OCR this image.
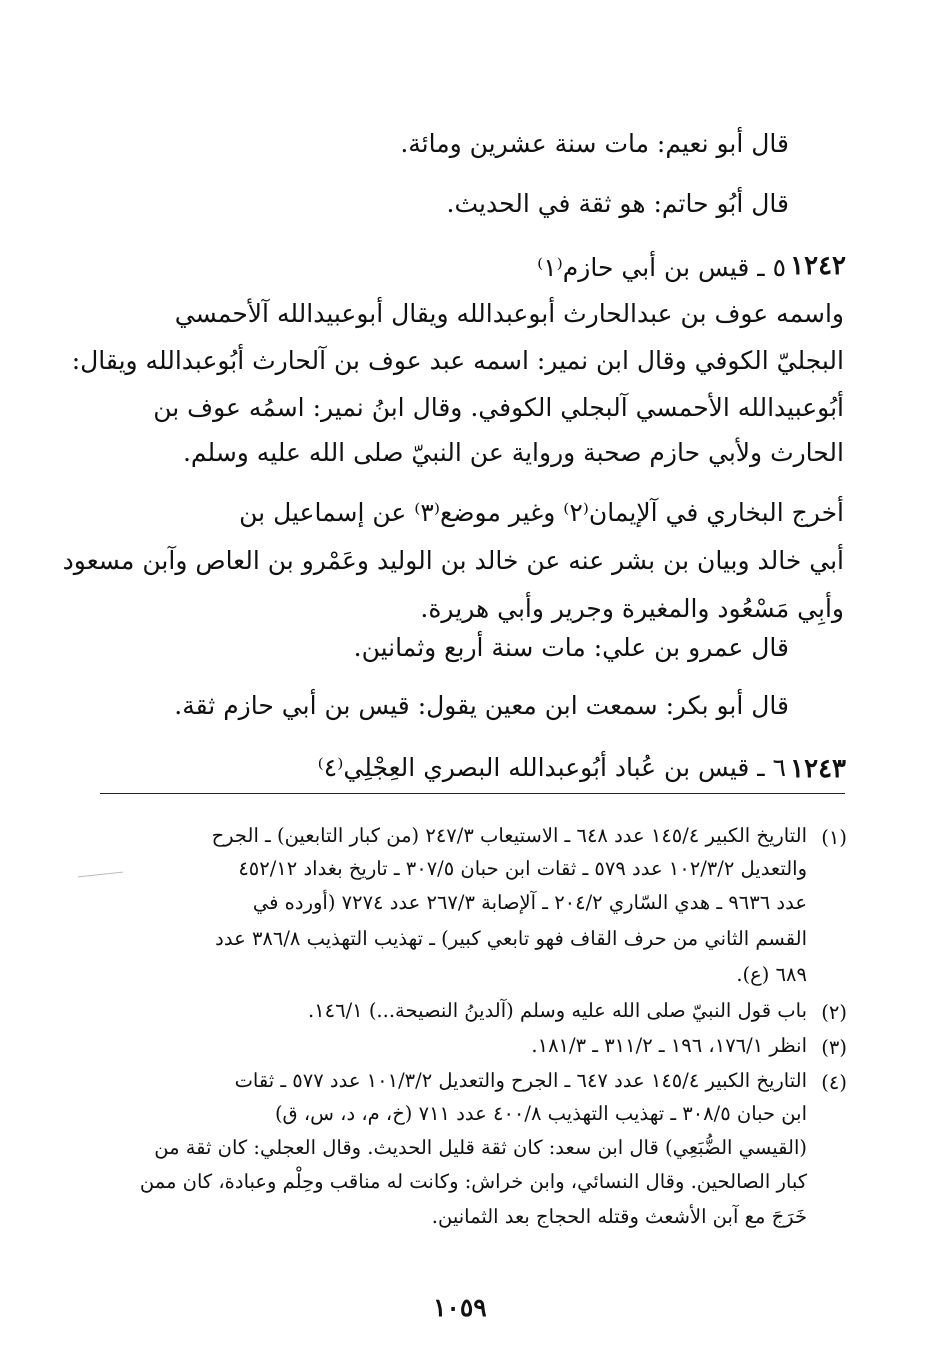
قال أبو نعيم: مات سنة عشرين ومائة.
قال أبُو حاتم: هو ثقة في الحديث.
١٢٤٢
٥ ـ قيس بن أبي حازم⁽١⁾
واسمه عوف بن عبدالحارث أبوعبدالله ويقال أبوعبيدالله آلأحمسي
البجليّ الكوفي وقال ابن نمير: اسمه عبد عوف بن آلحارث أبُوعبدالله ويقال:
أبُوعبيدالله الأحمسي آلبجلي الكوفي. وقال ابنُ نمير: اسمُه عوف بن
الحارث ولأبي حازم صحبة ورواية عن النبيّ صلى الله عليه وسلم.
أخرج البخاري في آلإيمان⁽٢⁾ وغير موضع⁽٣⁾ عن إسماعيل بن
أبي خالد وبيان بن بشر عنه عن خالد بن الوليد وعَمْرو بن العاص وآبن مسعود
وأبِي مَسْعُود والمغيرة وجرير وأبي هريرة.
قال عمرو بن علي: مات سنة أربع وثمانين.
قال أبو بكر: سمعت ابن معين يقول: قيس بن أبي حازم ثقة.
١٢٤٣
٦ ـ قيس بن عُباد أبُوعبدالله البصري العِجْلِي⁽٤⁾
(١)
التاريخ الكبير ١٤٥/٤ عدد ٦٤٨ ـ الاستيعاب ٢٤٧/٣ (من كبار التابعين) ـ الجرح
والتعديل ١٠٢/٣/٢ عدد ٥٧٩ ـ ثقات ابن حبان ٣٠٧/٥ ـ تاريخ بغداد ٤٥٢/١٢
عدد ٩٦٣٦ ـ هدي السّاري ٢٠٤/٢ ـ آلإصابة ٢٦٧/٣ عدد ٧٢٧٤ (أورده في
القسم الثاني من حرف القاف فهو تابعي كبير) ـ تهذيب التهذيب ٣٨٦/٨ عدد
٦٨٩ (ع).
(٢)
باب قول النبيّ صلى الله عليه وسلم (آلدينُ النصيحة...) ١٤٦/١.
(٣)
انظر ١٧٦/١، ١٩٦ ـ ٣١١/٢ ـ ١٨١/٣.
(٤)
التاريخ الكبير ١٤٥/٤ عدد ٦٤٧ ـ الجرح والتعديل ١٠١/٣/٢ عدد ٥٧٧ ـ ثقات
ابن حبان ٣٠٨/٥ ـ تهذيب التهذيب ٤٠٠/٨ عدد ٧١١ (خ، م، د، س، ق)
(القيسي الضُّبَعِي) قال ابن سعد: كان ثقة قليل الحديث. وقال العجلي: كان ثقة من
كبار الصالحين. وقال النسائي، وابن خراش: وكانت له مناقب وحِلْم وعبادة، كان ممن
خَرَجَ مع آبن الأشعث وقتله الحجاج بعد الثمانين.
١٠٥٩
